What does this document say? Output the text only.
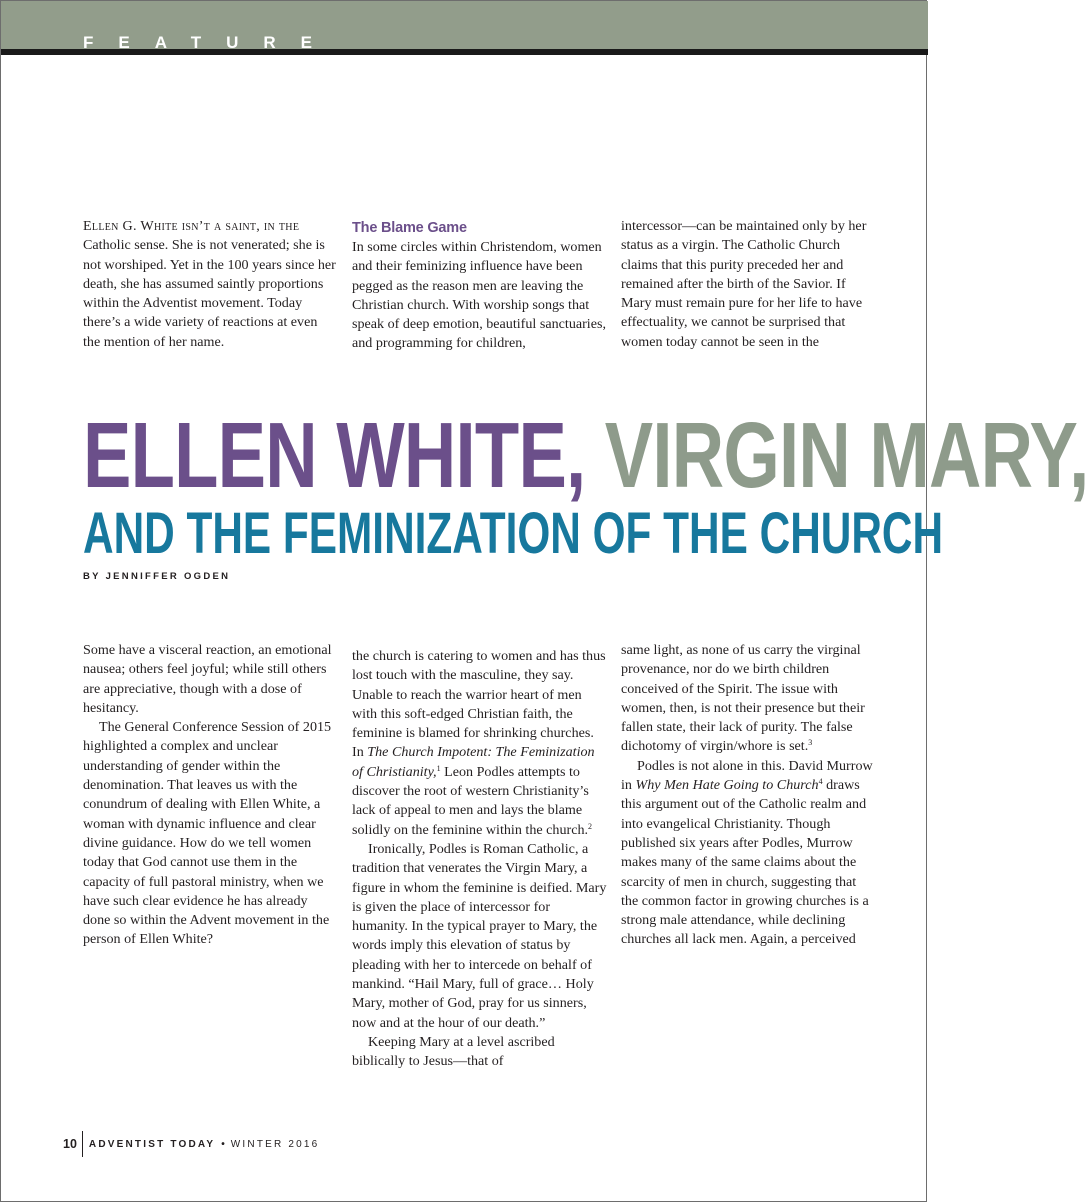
FEATURE

Ellen G. White isn’t a saint, in the Catholic sense. She is not venerated; she is not worshiped. Yet in the 100 years since her death, she has assumed saintly proportions within the Adventist movement. Today there’s a wide variety of reactions at even the mention of her name.

The Blame Game

In some circles within Christendom, women and their feminizing influence have been pegged as the reason men are leaving the Christian church. With worship songs that speak of deep emotion, beautiful sanctuaries, and programming for children,

intercessor—can be maintained only by her status as a virgin. The Catholic Church claims that this purity preceded her and remained after the birth of the Savior. If Mary must remain pure for her life to have effectuality, we cannot be surprised that women today cannot be seen in the

ELLEN WHITE, VIRGIN MARY,
AND THE FEMINIZATION OF THE CHURCH
BY JENNIFFER OGDEN

Some have a visceral reaction, an emotional nausea; others feel joyful; while still others are appreciative, though with a dose of hesitancy.

The General Conference Session of 2015 highlighted a complex and unclear understanding of gender within the denomination. That leaves us with the conundrum of dealing with Ellen White, a woman with dynamic influence and clear divine guidance. How do we tell women today that God cannot use them in the capacity of full pastoral ministry, when we have such clear evidence he has already done so within the Advent movement in the person of Ellen White?

the church is catering to women and has thus lost touch with the masculine, they say. Unable to reach the warrior heart of men with this soft-edged Christian faith, the feminine is blamed for shrinking churches. In The Church Impotent: The Feminization of Christianity,$^1$ Leon Podles attempts to discover the root of western Christianity’s lack of appeal to men and lays the blame solidly on the feminine within the church.$^2$

Ironically, Podles is Roman Catholic, a tradition that venerates the Virgin Mary, a figure in whom the feminine is deified. Mary is given the place of intercessor for humanity. In the typical prayer to Mary, the words imply this elevation of status by pleading with her to intercede on behalf of mankind. “Hail Mary, full of grace… Holy Mary, mother of God, pray for us sinners, now and at the hour of our death.”

Keeping Mary at a level ascribed biblically to Jesus—that of

same light, as none of us carry the virginal provenance, nor do we birth children conceived of the Spirit. The issue with women, then, is not their presence but their fallen state, their lack of purity. The false dichotomy of virgin/whore is set.$^3$

Podles is not alone in this. David Murrow in Why Men Hate Going to Church$^4$ draws this argument out of the Catholic realm and into evangelical Christianity. Though published six years after Podles, Murrow makes many of the same claims about the scarcity of men in church, suggesting that the common factor in growing churches is a strong male attendance, while declining churches all lack men. Again, a perceived

10	ADVENTIST TODAY • WINTER 2016
